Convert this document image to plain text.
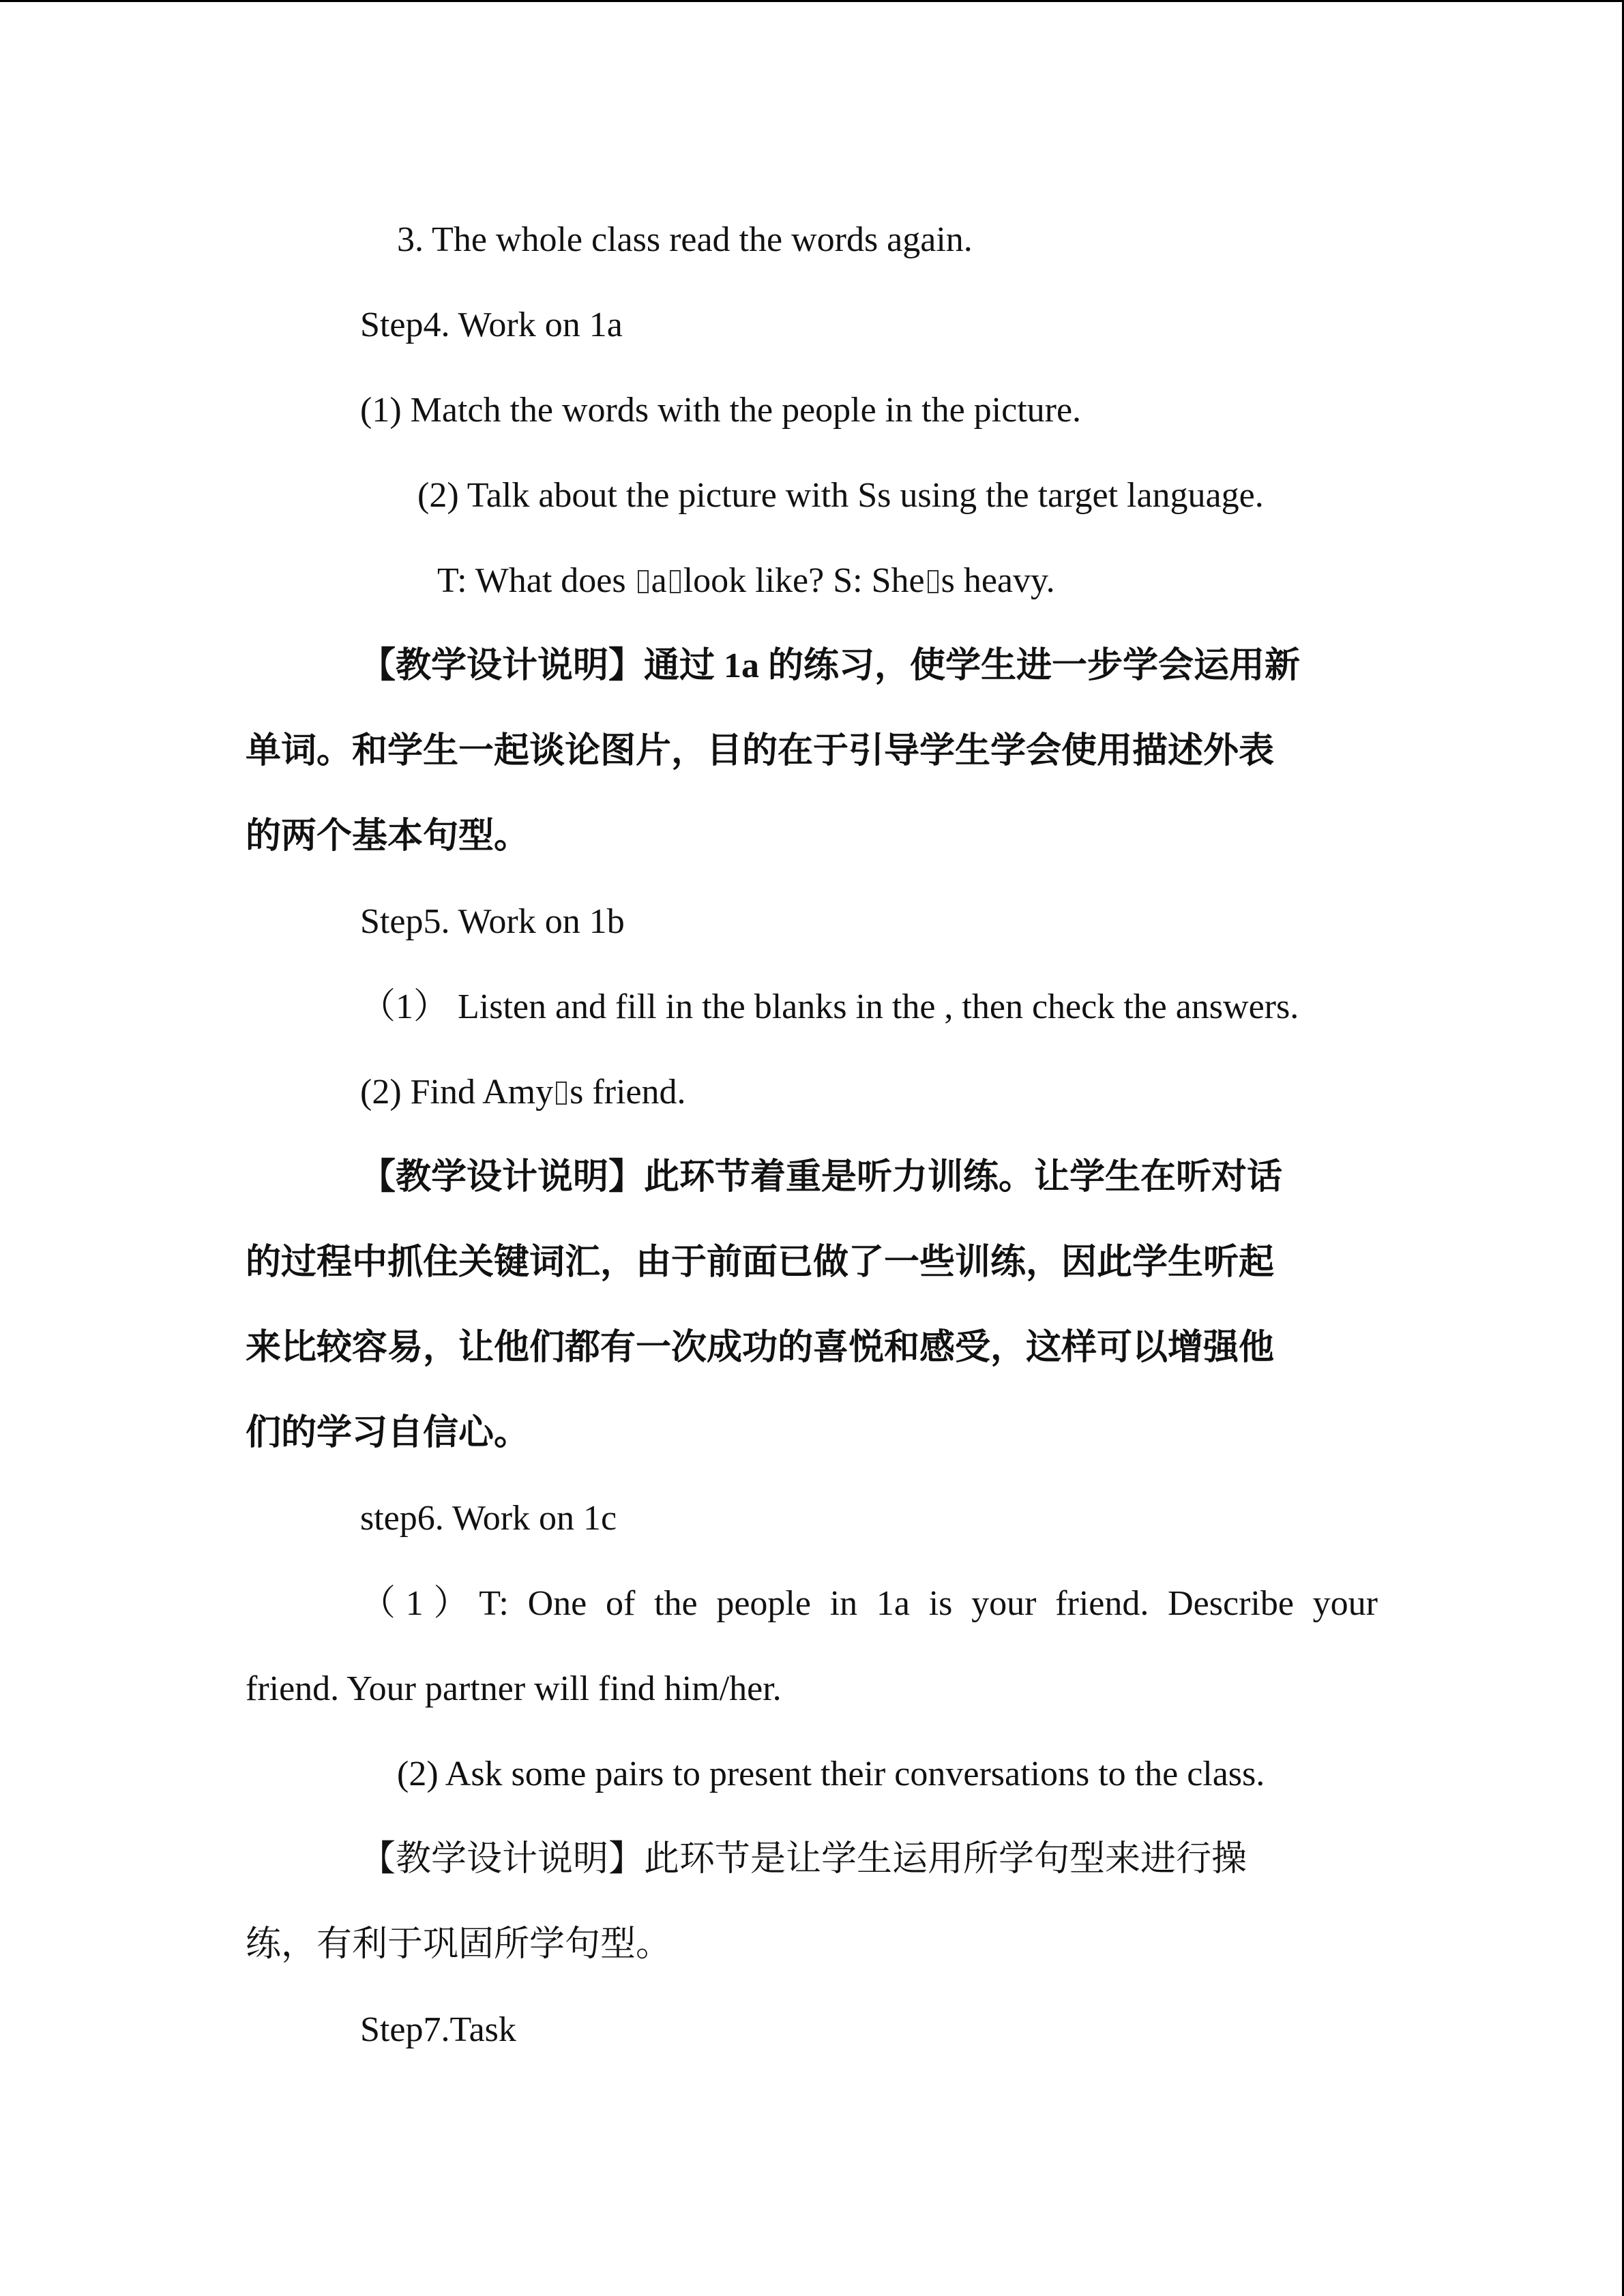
3. The whole class read the words again.
Step4. Work on 1a
(1) Match the words with the people in the picture.
(2) Talk about the picture with Ss using the target language.
T: What does a look like? S: She s heavy.
【教学设计说明】通过 1a 的练习，使学生进一步学会运用新
单词。和学生一起谈论图片，目的在于引导学生学会使用描述外表
的两个基本句型。
Step5. Work on 1b
（1） Listen and fill in the blanks in the , then check the answers.
(2) Find Amy s friend.
【教学设计说明】此环节着重是听力训练。让学生在听对话
的过程中抓住关键词汇，由于前面已做了一些训练，因此学生听起
来比较容易，让他们都有一次成功的喜悦和感受，这样可以增强他
们的学习自信心。
step6. Work on 1c
（1）T: One of the people in 1a is your friend. Describe your
friend. Your partner will find him/her.
(2) Ask some pairs to present their conversations to the class.
【教学设计说明】此环节是让学生运用所学句型来进行操
练，有利于巩固所学句型。
Step7.Task
